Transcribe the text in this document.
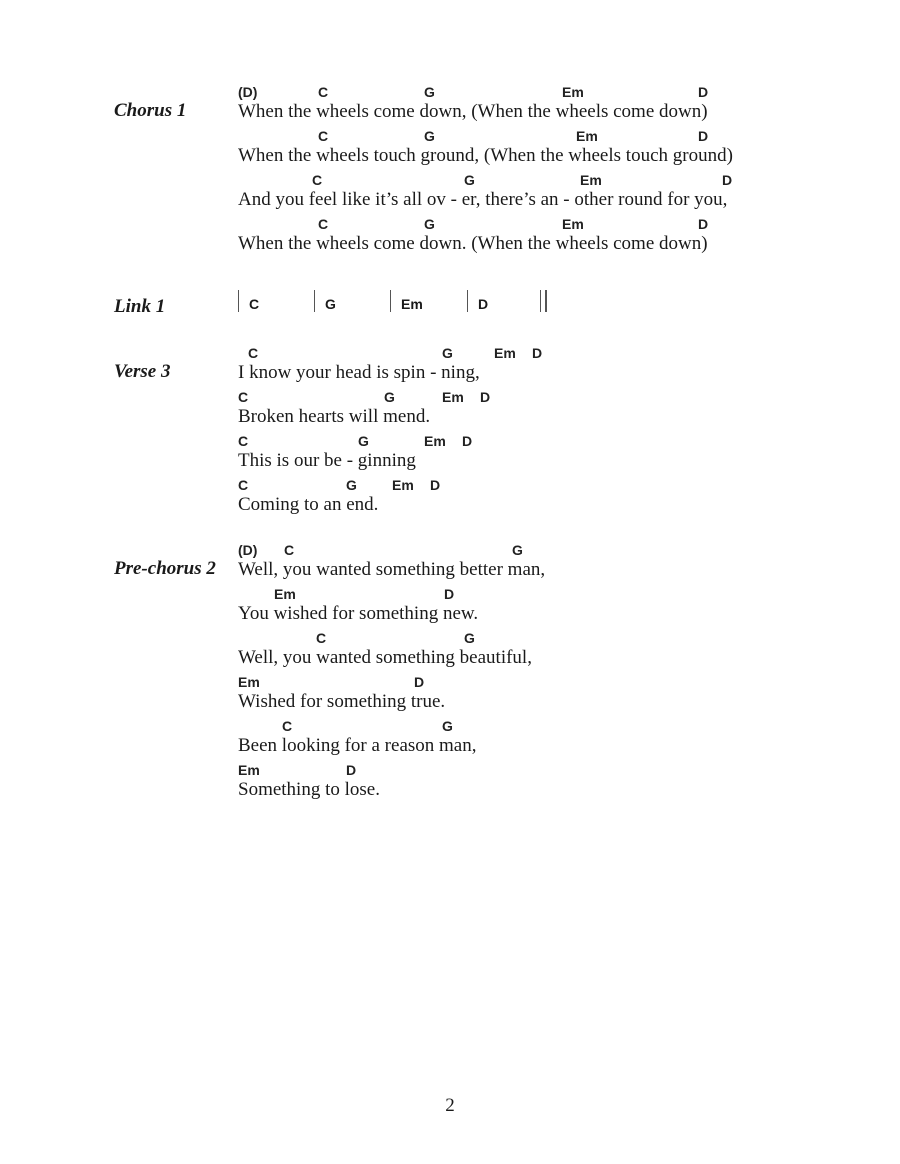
Chorus 1
(D)	C	G	Em	D
When the wheels come down, (When the wheels come down)
C	G	Em	D
When the wheels touch ground, (When the wheels touch ground)
C	G	Em	D
And you feel like it’s all ov - er, there’s an - other round for you,
C	G	Em	D
When the wheels come down. (When the wheels come down)
Link 1	C	G	Em	D
Verse 3
C	G	Em D
I know your head is spin - ning,
C	G	Em D
Broken hearts will mend.
C	G	Em D
This is our be - ginning
C	G	Em D
Coming to an end.
Pre-chorus 2
(D) C	G
Well, you wanted something better man,
Em	D
You wished for something new.
C	G
Well, you wanted something beautiful,
Em	D
Wished for something true.
C	G
Been looking for a reason man,
Em	D
Something to lose.
2
